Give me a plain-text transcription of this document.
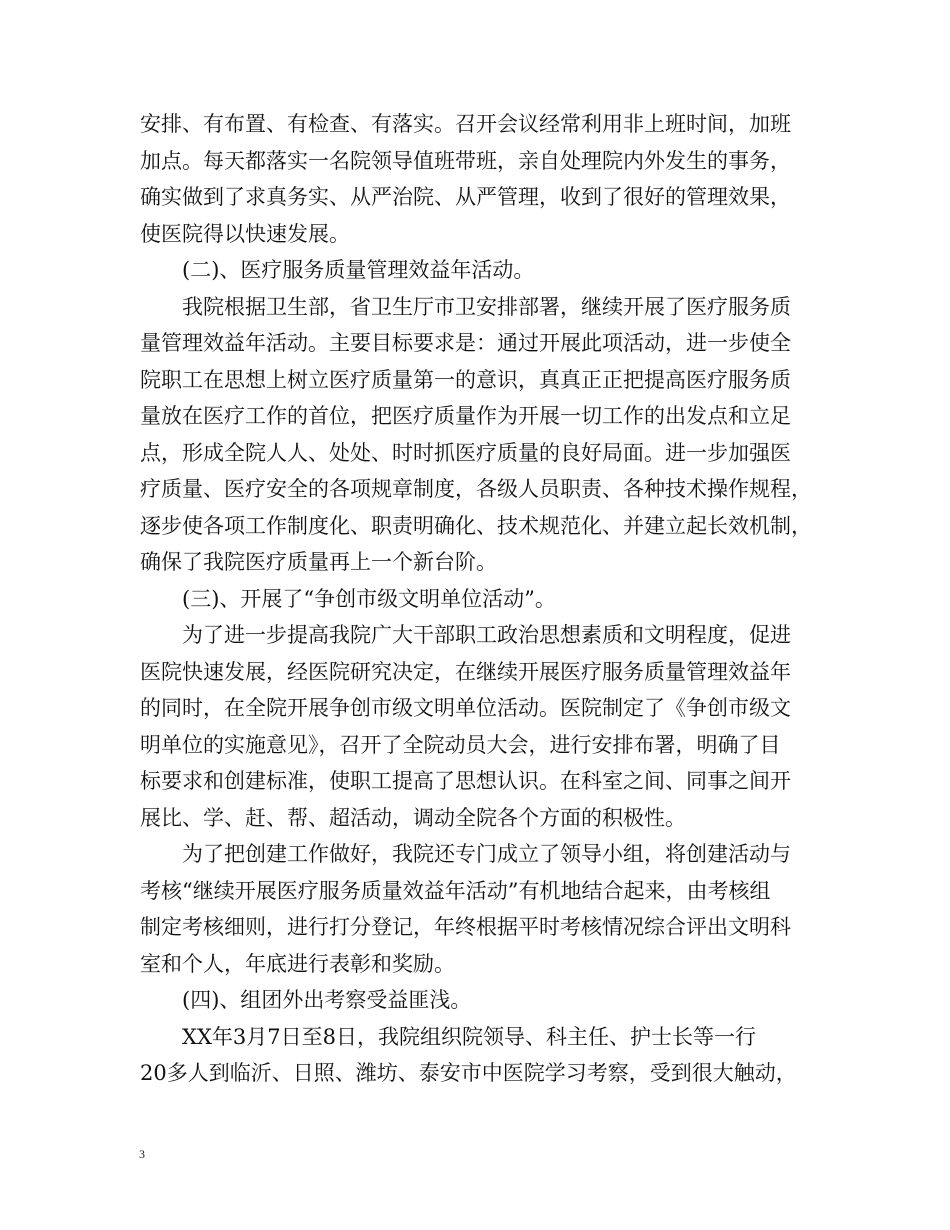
安排、有布置、有检查、有落实。召开会议经常利用非上班时间，加班
加点。每天都落实一名院领导值班带班，亲自处理院内外发生的事务，
确实做到了求真务实、从严治院、从严管理，收到了很好的管理效果，
使医院得以快速发展。
(二)、医疗服务质量管理效益年活动。
我院根据卫生部，省卫生厅市卫安排部署，继续开展了医疗服务质
量管理效益年活动。主要目标要求是：通过开展此项活动，进一步使全
院职工在思想上树立医疗质量第一的意识，真真正正把提高医疗服务质
量放在医疗工作的首位，把医疗质量作为开展一切工作的出发点和立足
点，形成全院人人、处处、时时抓医疗质量的良好局面。进一步加强医
疗质量、医疗安全的各项规章制度，各级人员职责、各种技术操作规程，
逐步使各项工作制度化、职责明确化、技术规范化、并建立起长效机制，
确保了我院医疗质量再上一个新台阶。
(三)、开展了“争创市级文明单位活动”。
为了进一步提高我院广大干部职工政治思想素质和文明程度，促进
医院快速发展，经医院研究决定，在继续开展医疗服务质量管理效益年
的同时，在全院开展争创市级文明单位活动。医院制定了《争创市级文
明单位的实施意见》，召开了全院动员大会，进行安排布署，明确了目
标要求和创建标准，使职工提高了思想认识。在科室之间、同事之间开
展比、学、赶、帮、超活动，调动全院各个方面的积极性。
为了把创建工作做好，我院还专门成立了领导小组，将创建活动与
考核“继续开展医疗服务质量效益年活动”有机地结合起来，由考核组
制定考核细则，进行打分登记，年终根据平时考核情况综合评出文明科
室和个人，年底进行表彰和奖励。
(四)、组团外出考察受益匪浅。
XX年3月7日至8日，我院组织院领导、科主任、护士长等一行
20多人到临沂、日照、潍坊、泰安市中医院学习考察，受到很大触动，
3
